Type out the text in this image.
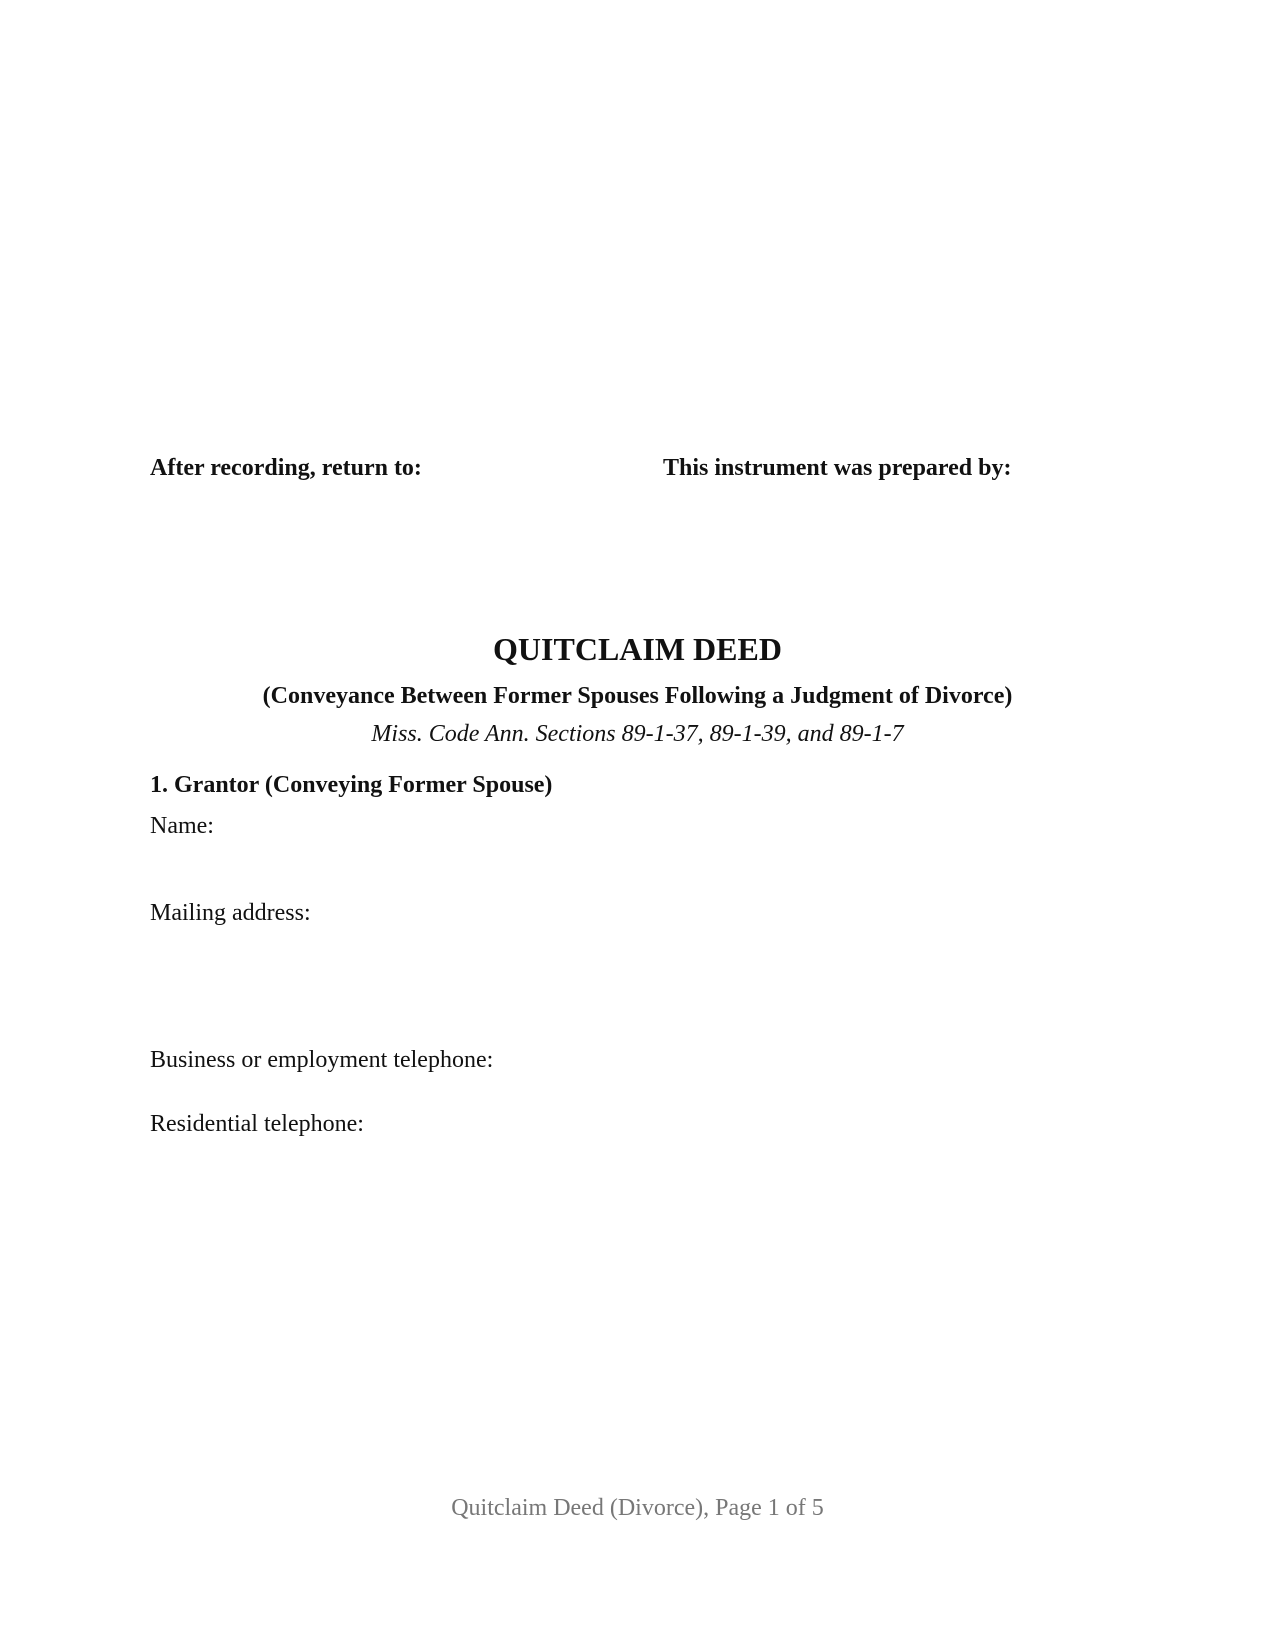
After recording, return to:	This instrument was prepared by:
QUITCLAIM DEED
(Conveyance Between Former Spouses Following a Judgment of Divorce)
Miss. Code Ann. Sections 89-1-37, 89-1-39, and 89-1-7
1. Grantor (Conveying Former Spouse)
Name:
Mailing address:
Business or employment telephone:
Residential telephone:
Quitclaim Deed (Divorce), Page 1 of 5
